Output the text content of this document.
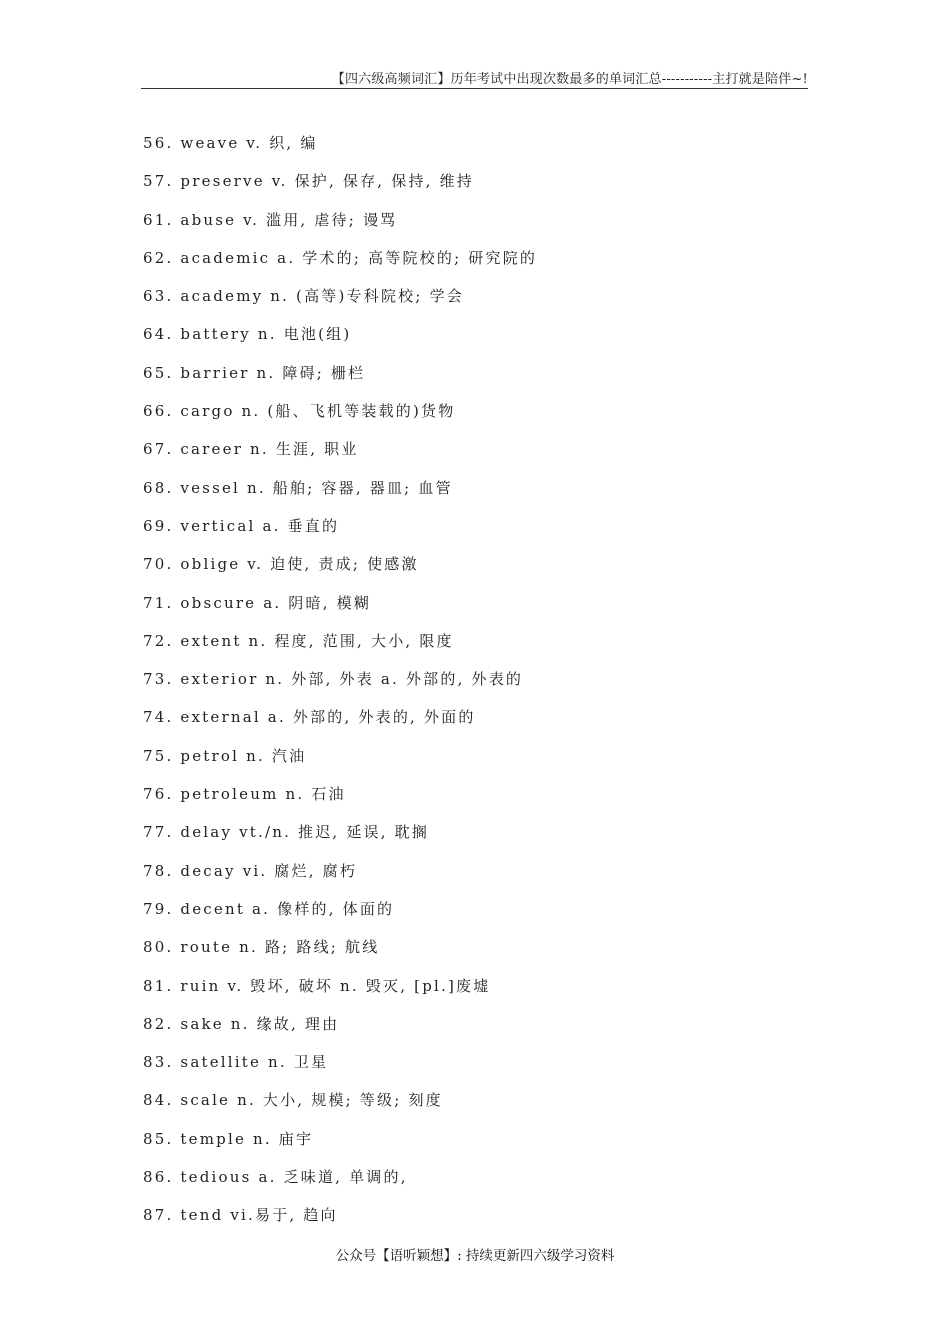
【四六级高频词汇】历年考试中出现次数最多的单词汇总-----------主打就是陪伴~!
56. weave v. 织, 编
57. preserve v. 保护, 保存, 保持, 维持
61. abuse v. 滥用, 虐待; 谩骂
62. academic a. 学术的; 高等院校的; 研究院的
63. academy n. (高等)专科院校; 学会
64. battery n. 电池(组)
65. barrier n. 障碍; 栅栏
66. cargo n. (船、飞机等装载的)货物
67. career n. 生涯, 职业
68. vessel n. 船舶; 容器, 器皿; 血管
69. vertical a. 垂直的
70. oblige v. 迫使, 责成; 使感激
71. obscure a. 阴暗, 模糊
72. extent n. 程度, 范围, 大小, 限度
73. exterior n. 外部, 外表 a. 外部的, 外表的
74. external a. 外部的, 外表的, 外面的
75. petrol n. 汽油
76. petroleum n. 石油
77. delay vt./n. 推迟, 延误, 耽搁
78. decay vi. 腐烂, 腐朽
79. decent a. 像样的, 体面的
80. route n. 路; 路线; 航线
81. ruin v. 毁坏, 破坏 n. 毁灭, [pl.]废墟
82. sake n. 缘故, 理由
83. satellite n. 卫星
84. scale n. 大小, 规模; 等级; 刻度
85. temple n. 庙宇
86. tedious a. 乏味道, 单调的,
87. tend vi.易于, 趋向
公众号【语听颖想】: 持续更新四六级学习资料
